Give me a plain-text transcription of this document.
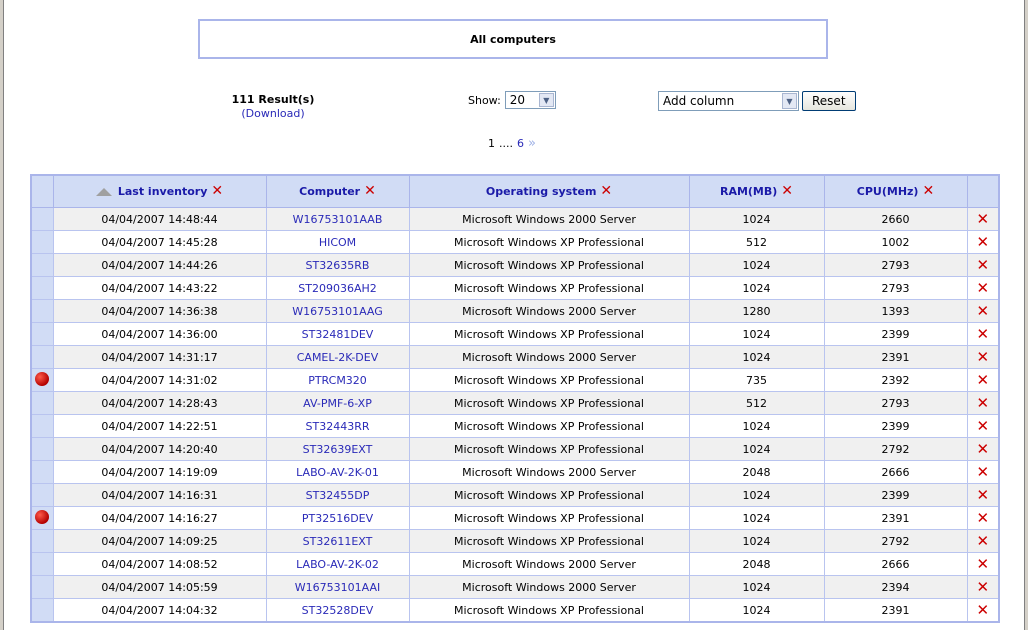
All computers
111 Result(s)
(Download)
Show: 20	▼	Add column	▼	Reset
1 .... 6 »
	Last inventory ✕	Computer ✕	Operating system ✕	RAM(MB) ✕	CPU(MHz) ✕	
	04/04/2007 14:48:44	W16753101AAB	Microsoft Windows 2000 Server	1024	2660	✕
	04/04/2007 14:45:28	HICOM	Microsoft Windows XP Professional	512	1002	✕
	04/04/2007 14:44:26	ST32635RB	Microsoft Windows XP Professional	1024	2793	✕
	04/04/2007 14:43:22	ST209036AH2	Microsoft Windows XP Professional	1024	2793	✕
	04/04/2007 14:36:38	W16753101AAG	Microsoft Windows 2000 Server	1280	1393	✕
	04/04/2007 14:36:00	ST32481DEV	Microsoft Windows XP Professional	1024	2399	✕
	04/04/2007 14:31:17	CAMEL-2K-DEV	Microsoft Windows 2000 Server	1024	2391	✕
	04/04/2007 14:31:02	PTRCM320	Microsoft Windows XP Professional	735	2392	✕
	04/04/2007 14:28:43	AV-PMF-6-XP	Microsoft Windows XP Professional	512	2793	✕
	04/04/2007 14:22:51	ST32443RR	Microsoft Windows XP Professional	1024	2399	✕
	04/04/2007 14:20:40	ST32639EXT	Microsoft Windows XP Professional	1024	2792	✕
	04/04/2007 14:19:09	LABO-AV-2K-01	Microsoft Windows 2000 Server	2048	2666	✕
	04/04/2007 14:16:31	ST32455DP	Microsoft Windows XP Professional	1024	2399	✕
	04/04/2007 14:16:27	PT32516DEV	Microsoft Windows XP Professional	1024	2391	✕
	04/04/2007 14:09:25	ST32611EXT	Microsoft Windows XP Professional	1024	2792	✕
	04/04/2007 14:08:52	LABO-AV-2K-02	Microsoft Windows 2000 Server	2048	2666	✕
	04/04/2007 14:05:59	W16753101AAI	Microsoft Windows 2000 Server	1024	2394	✕
	04/04/2007 14:04:32	ST32528DEV	Microsoft Windows XP Professional	1024	2391	✕
